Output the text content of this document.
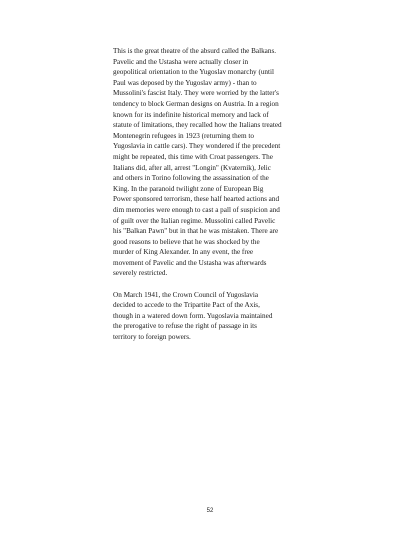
This is the great theatre of the absurd called the Balkans.
Pavelic and the Ustasha were actually closer in
geopolitical orientation to the Yugoslav monarchy (until
Paul was deposed by the Yugoslav army) - than to
Mussolini's fascist Italy. They were worried by the latter's
tendency to block German designs on Austria. In a region
known for its indefinite historical memory and lack of
statute of limitations, they recalled how the Italians treated
Montenegrin refugees in 1923 (returning them to
Yugoslavia in cattle cars). They wondered if the precedent
might be repeated, this time with Croat passengers. The
Italians did, after all, arrest "Longin" (Kvaternik), Jelic
and others in Torino following the assassination of the
King. In the paranoid twilight zone of European Big
Power sponsored terrorism, these half hearted actions and
dim memories were enough to cast a pall of suspicion and
of guilt over the Italian regime. Mussolini called Pavelic
his "Balkan Pawn" but in that he was mistaken. There are
good reasons to believe that he was shocked by the
murder of King Alexander. In any event, the free
movement of Pavelic and the Ustasha was afterwards
severely restricted.

On March 1941, the Crown Council of Yugoslavia
decided to accede to the Tripartite Pact of the Axis,
though in a watered down form. Yugoslavia maintained
the prerogative to refuse the right of passage in its
territory to foreign powers.

52
